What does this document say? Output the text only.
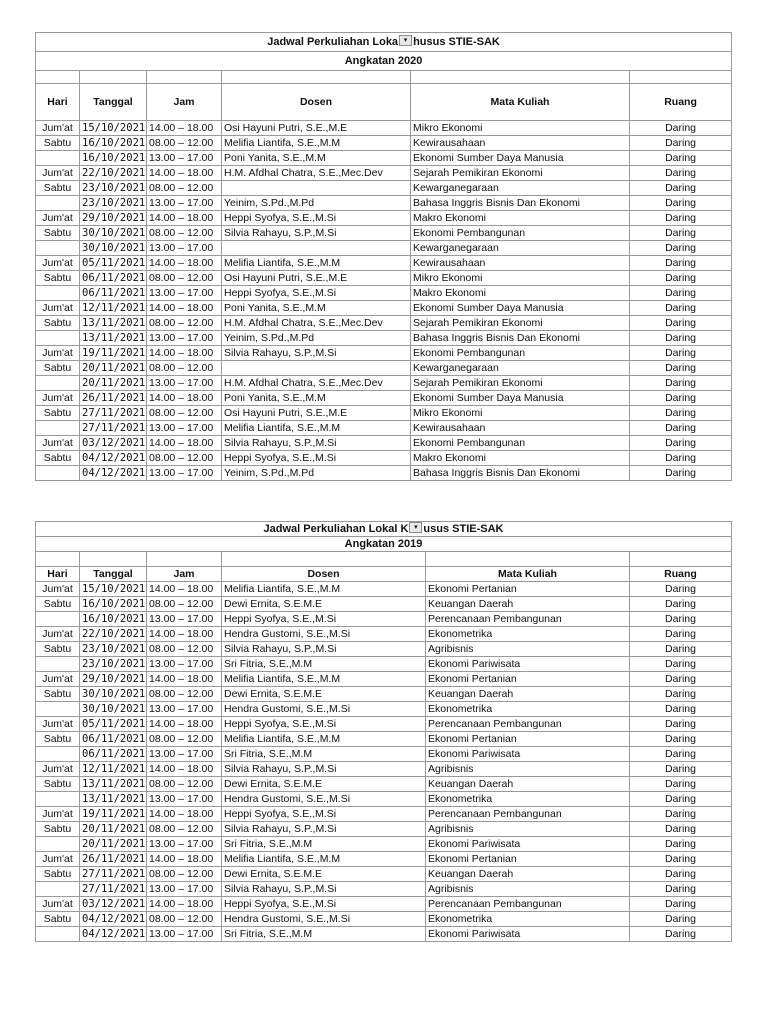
Jadwal Perkuliahan Loka ▾ husus STIE-SAK					
Angkatan 2020					

Hari	Tanggal	Jam	Dosen	Mata Kuliah	Ruang
Jum'at	15/10/2021	14.00 – 18.00	Osi Hayuni Putri, S.E.,M.E	Mikro Ekonomi	Daring
Sabtu	16/10/2021	08.00 – 12.00	Melifia Liantifa, S.E.,M.M	Kewirausahaan	Daring
	16/10/2021	13.00 – 17.00	Poni Yanita, S.E.,M.M	Ekonomi Sumber Daya Manusia	Daring
Jum'at	22/10/2021	14.00 – 18.00	H.M. Afdhal Chatra, S.E.,Mec.Dev	Sejarah Pemikiran Ekonomi	Daring
Sabtu	23/10/2021	08.00 – 12.00		Kewarganegaraan	Daring
	23/10/2021	13.00 – 17.00	Yeinim, S.Pd.,M.Pd	Bahasa Inggris Bisnis Dan Ekonomi	Daring
Jum'at	29/10/2021	14.00 – 18.00	Heppi Syofya, S.E.,M.Si	Makro Ekonomi	Daring
Sabtu	30/10/2021	08.00 – 12.00	Silvia Rahayu, S.P.,M.Si	Ekonomi Pembangunan	Daring
	30/10/2021	13.00 – 17.00		Kewarganegaraan	Daring
Jum'at	05/11/2021	14.00 – 18.00	Melifia Liantifa, S.E.,M.M	Kewirausahaan	Daring
Sabtu	06/11/2021	08.00 – 12.00	Osi Hayuni Putri, S.E.,M.E	Mikro Ekonomi	Daring
	06/11/2021	13.00 – 17.00	Heppi Syofya, S.E.,M.Si	Makro Ekonomi	Daring
Jum'at	12/11/2021	14.00 – 18.00	Poni Yanita, S.E.,M.M	Ekonomi Sumber Daya Manusia	Daring
Sabtu	13/11/2021	08.00 – 12.00	H.M. Afdhal Chatra, S.E.,Mec.Dev	Sejarah Pemikiran Ekonomi	Daring
	13/11/2021	13.00 – 17.00	Yeinim, S.Pd.,M.Pd	Bahasa Inggris Bisnis Dan Ekonomi	Daring
Jum'at	19/11/2021	14.00 – 18.00	Silvia Rahayu, S.P.,M.Si	Ekonomi Pembangunan	Daring
Sabtu	20/11/2021	08.00 – 12.00		Kewarganegaraan	Daring
	20/11/2021	13.00 – 17.00	H.M. Afdhal Chatra, S.E.,Mec.Dev	Sejarah Pemikiran Ekonomi	Daring
Jum'at	26/11/2021	14.00 – 18.00	Poni Yanita, S.E.,M.M	Ekonomi Sumber Daya Manusia	Daring
Sabtu	27/11/2021	08.00 – 12.00	Osi Hayuni Putri, S.E.,M.E	Mikro Ekonomi	Daring
	27/11/2021	13.00 – 17.00	Melifia Liantifa, S.E.,M.M	Kewirausahaan	Daring
Jum'at	03/12/2021	14.00 – 18.00	Silvia Rahayu, S.P.,M.Si	Ekonomi Pembangunan	Daring
Sabtu	04/12/2021	08.00 – 12.00	Heppi Syofya, S.E.,M.Si	Makro Ekonomi	Daring
	04/12/2021	13.00 – 17.00	Yeinim, S.Pd.,M.Pd	Bahasa Inggris Bisnis Dan Ekonomi	Daring
Jadwal Perkuliahan Lokal K ▾ usus STIE-SAK					
Angkatan 2019					

Hari	Tanggal	Jam	Dosen	Mata Kuliah	Ruang
Jum'at	15/10/2021	14.00 – 18.00	Melifia Liantifa, S.E.,M.M	Ekonomi Pertanian	Daring
Sabtu	16/10/2021	08.00 – 12.00	Dewi Ernita, S.E.M.E	Keuangan Daerah	Daring
	16/10/2021	13.00 – 17.00	Heppi Syofya, S.E.,M.Si	Perencanaan Pembangunan	Daring
Jum'at	22/10/2021	14.00 – 18.00	Hendra Gustomi, S.E.,M.Si	Ekonometrika	Daring
Sabtu	23/10/2021	08.00 – 12.00	Silvia Rahayu, S.P.,M.Si	Agribisnis	Daring
	23/10/2021	13.00 – 17.00	Sri Fitria, S.E.,M.M	Ekonomi Pariwisata	Daring
Jum'at	29/10/2021	14.00 – 18.00	Melifia Liantifa, S.E.,M.M	Ekonomi Pertanian	Daring
Sabtu	30/10/2021	08.00 – 12.00	Dewi Ernita, S.E.M.E	Keuangan Daerah	Daring
	30/10/2021	13.00 – 17.00	Hendra Gustomi, S.E.,M.Si	Ekonometrika	Daring
Jum'at	05/11/2021	14.00 – 18.00	Heppi Syofya, S.E.,M.Si	Perencanaan Pembangunan	Daring
Sabtu	06/11/2021	08.00 – 12.00	Melifia Liantifa, S.E.,M.M	Ekonomi Pertanian	Daring
	06/11/2021	13.00 – 17.00	Sri Fitria, S.E.,M.M	Ekonomi Pariwisata	Daring
Jum'at	12/11/2021	14.00 – 18.00	Silvia Rahayu, S.P.,M.Si	Agribisnis	Daring
Sabtu	13/11/2021	08.00 – 12.00	Dewi Ernita, S.E.M.E	Keuangan Daerah	Daring
	13/11/2021	13.00 – 17.00	Hendra Gustomi, S.E.,M.Si	Ekonometrika	Daring
Jum'at	19/11/2021	14.00 – 18.00	Heppi Syofya, S.E.,M.Si	Perencanaan Pembangunan	Daring
Sabtu	20/11/2021	08.00 – 12.00	Silvia Rahayu, S.P.,M.Si	Agribisnis	Daring
	20/11/2021	13.00 – 17.00	Sri Fitria, S.E.,M.M	Ekonomi Pariwisata	Daring
Jum'at	26/11/2021	14.00 – 18.00	Melifia Liantifa, S.E.,M.M	Ekonomi Pertanian	Daring
Sabtu	27/11/2021	08.00 – 12.00	Dewi Ernita, S.E.M.E	Keuangan Daerah	Daring
	27/11/2021	13.00 – 17.00	Silvia Rahayu, S.P.,M.Si	Agribisnis	Daring
Jum'at	03/12/2021	14.00 – 18.00	Heppi Syofya, S.E.,M.Si	Perencanaan Pembangunan	Daring
Sabtu	04/12/2021	08.00 – 12.00	Hendra Gustomi, S.E.,M.Si	Ekonometrika	Daring
	04/12/2021	13.00 – 17.00	Sri Fitria, S.E.,M.M	Ekonomi Pariwisata	Daring
